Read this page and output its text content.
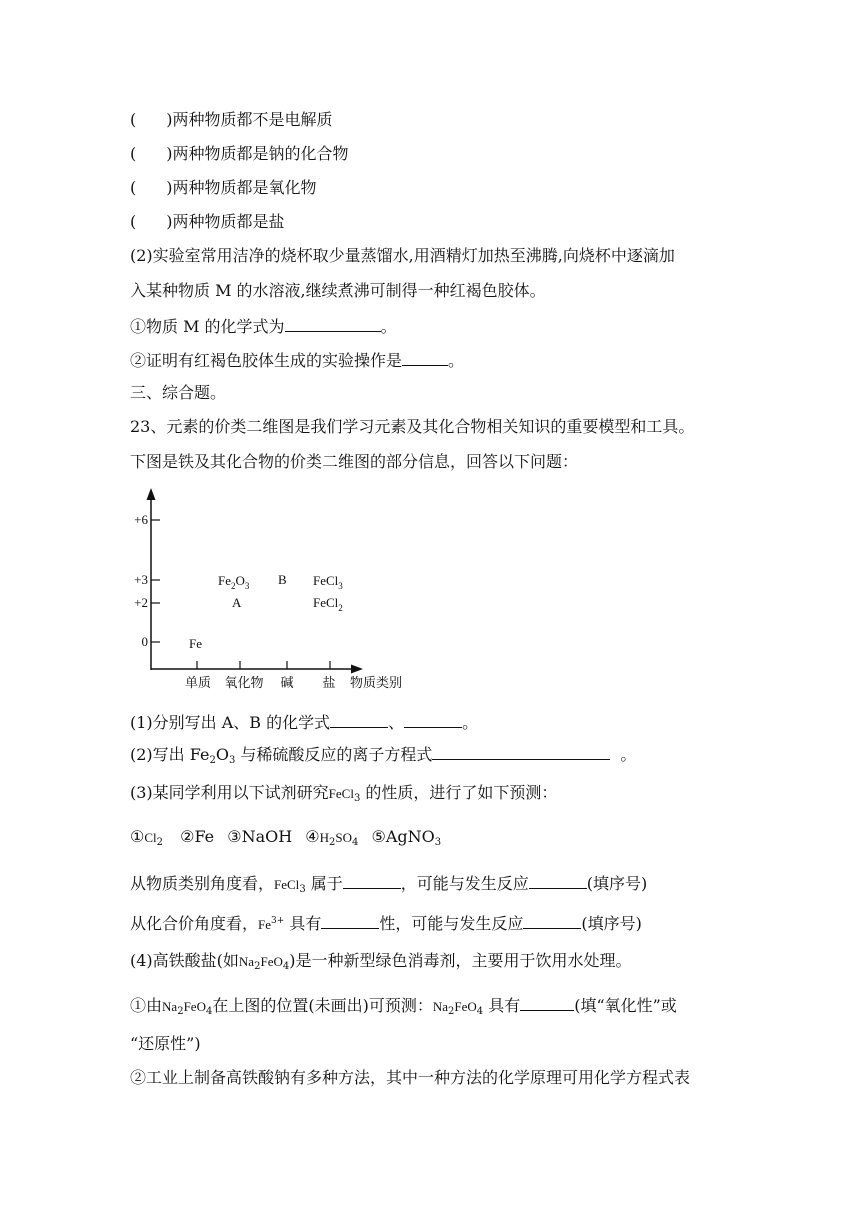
( )两种物质都不是电解质
( )两种物质都是钠的化合物
( )两种物质都是氧化物
( )两种物质都是盐
(2)实验室常用洁净的烧杯取少量蒸馏水,用酒精灯加热至沸腾,向烧杯中逐滴加
入某种物质 M 的水溶液,继续煮沸可制得一种红褐色胶体。
①物质 M 的化学式为	。
②证明有红褐色胶体生成的实验操作是	。
三、综合题。
23、元素的价类二维图是我们学习元素及其化合物相关知识的重要模型和工具。
下图是铁及其化合物的价类二维图的部分信息，回答以下问题：
+6
+3
+2
0
单质 氧化物 碱 盐 物质类别
Fe
$Fe_2O_3$
A
B FeCl$_3$
FeCl$_2$
(1)分别写出 A、B 的化学式	、	。
(2)写出 $Fe_2O_3$ 与稀硫酸反应的离子方程式	。
(3)某同学利用以下试剂研究FeCl$_3$ 的性质，进行了如下预测：
$①Cl_2$ ②Fe ③NaOH $④H_2SO_4$ ⑤AgNO$_3$
从物质类别角度看，FeCl$_3$ 属于	，可能与发生反应	(填序号)
从化合价角度看，$Fe^{3+}$ 具有	性，可能与发生反应	(填序号)
(4)高铁酸盐(如$Na_2FeO_4$)是一种新型绿色消毒剂，主要用于饮用水处理。
①由$Na_2FeO_4$在上图的位置(未画出)可预测：$Na_2FeO_4$ 具有	(填“氧化性”或
“还原性”)
②工业上制备高铁酸钠有多种方法，其中一种方法的化学原理可用化学方程式表
